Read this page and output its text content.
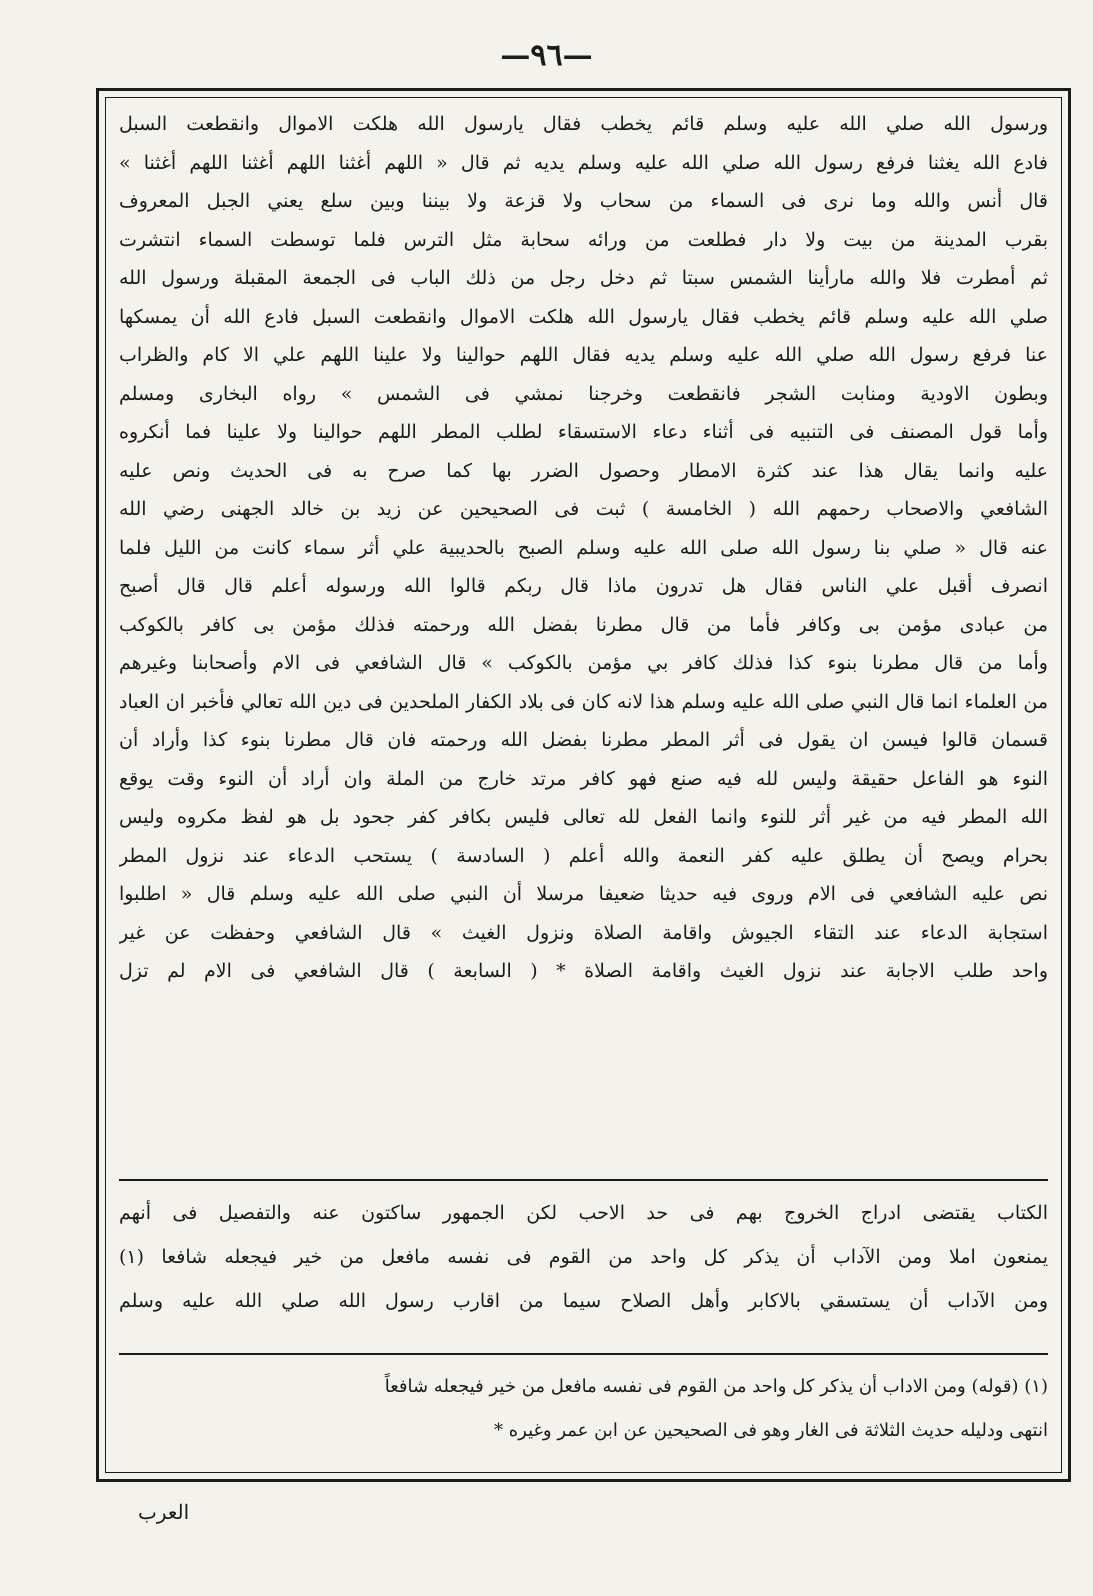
—٩٦—
ورسول الله صلي الله عليه وسلم قائم يخطب فقال يارسول الله هلكت الاموال وانقطعت السبل
فادع الله يغثنا فرفع رسول الله صلي الله عليه وسلم يديه ثم قال « اللهم أغثنا اللهم أغثنا اللهم أغثنا »
قال أنس والله وما نرى فى السماء من سحاب ولا قزعة ولا بيننا وبين سلع يعني الجبل المعروف
بقرب المدينة من بيت ولا دار فطلعت من ورائه سحابة مثل الترس فلما توسطت السماء انتشرت
ثم أمطرت فلا والله مارأينا الشمس سبتا ثم دخل رجل من ذلك الباب فى الجمعة المقبلة ورسول الله
صلي الله عليه وسلم قائم يخطب فقال يارسول الله هلكت الاموال وانقطعت السبل فادع الله أن يمسكها
عنا فرفع رسول الله صلي الله عليه وسلم يديه فقال اللهم حوالينا ولا علينا اللهم علي الا كام والظراب
وبطون الاودية ومنابت الشجر فانقطعت وخرجنا نمشي فى الشمس » رواه البخارى ومسلم
وأما قول المصنف فى التنبيه فى أثناء دعاء الاستسقاء لطلب المطر اللهم حوالينا ولا علينا فما أنكروه
عليه وانما يقال هذا عند كثرة الامطار وحصول الضرر بها كما صرح به فى الحديث ونص عليه
الشافعي والاصحاب رحمهم الله ( الخامسة ) ثبت فى الصحيحين عن زيد بن خالد الجهنى رضي الله
عنه قال « صلي بنا رسول الله صلى الله عليه وسلم الصبح بالحديبية علي أثر سماء كانت من الليل فلما
انصرف أقبل علي الناس فقال هل تدرون ماذا قال ربكم قالوا الله ورسوله أعلم قال قال أصبح
من عبادى مؤمن بى وكافر فأما من قال مطرنا بفضل الله ورحمته فذلك مؤمن بى كافر بالكوكب
وأما من قال مطرنا بنوء كذا فذلك كافر بي مؤمن بالكوكب » قال الشافعي فى الام وأصحابنا وغيرهم
من العلماء انما قال النبي صلى الله عليه وسلم هذا لانه كان فى بلاد الكفار الملحدين فى دين الله تعالي فأخبر ان العباد
قسمان قالوا فيسن ان يقول فى أثر المطر مطرنا بفضل الله ورحمته فان قال مطرنا بنوء كذا وأراد أن
النوء هو الفاعل حقيقة وليس لله فيه صنع فهو كافر مرتد خارج من الملة وان أراد أن النوء وقت يوقع
الله المطر فيه من غير أثر للنوء وانما الفعل لله تعالى فليس بكافر كفر جحود بل هو لفظ مكروه وليس
بحرام ويصح أن يطلق عليه كفر النعمة والله أعلم ( السادسة ) يستحب الدعاء عند نزول المطر
نص عليه الشافعي فى الام وروى فيه حديثا ضعيفا مرسلا أن النبي صلى الله عليه وسلم قال « اطلبوا
استجابة الدعاء عند التقاء الجيوش واقامة الصلاة ونزول الغيث » قال الشافعي وحفظت عن غير
واحد طلب الاجابة عند نزول الغيث واقامة الصلاة * ( السابعة ) قال الشافعي فى الام لم تزل
الكتاب يقتضى ادراج الخروج بهم فى حد الاحب لكن الجمهور ساكتون عنه والتفصيل فى أنهم
يمنعون املا ومن الآداب أن يذكر كل واحد من القوم فى نفسه مافعل من خير فيجعله شافعا (١)
ومن الآداب أن يستسقي بالاكابر وأهل الصلاح سيما من اقارب رسول الله صلي الله عليه وسلم
(١) (قوله) ومن الاداب أن يذكر كل واحد من القوم فى نفسه مافعل من خير فيجعله شافعاً
انتهى ودليله حديث الثلاثة فى الغار وهو فى الصحيحين عن ابن عمر وغيره *
العرب
